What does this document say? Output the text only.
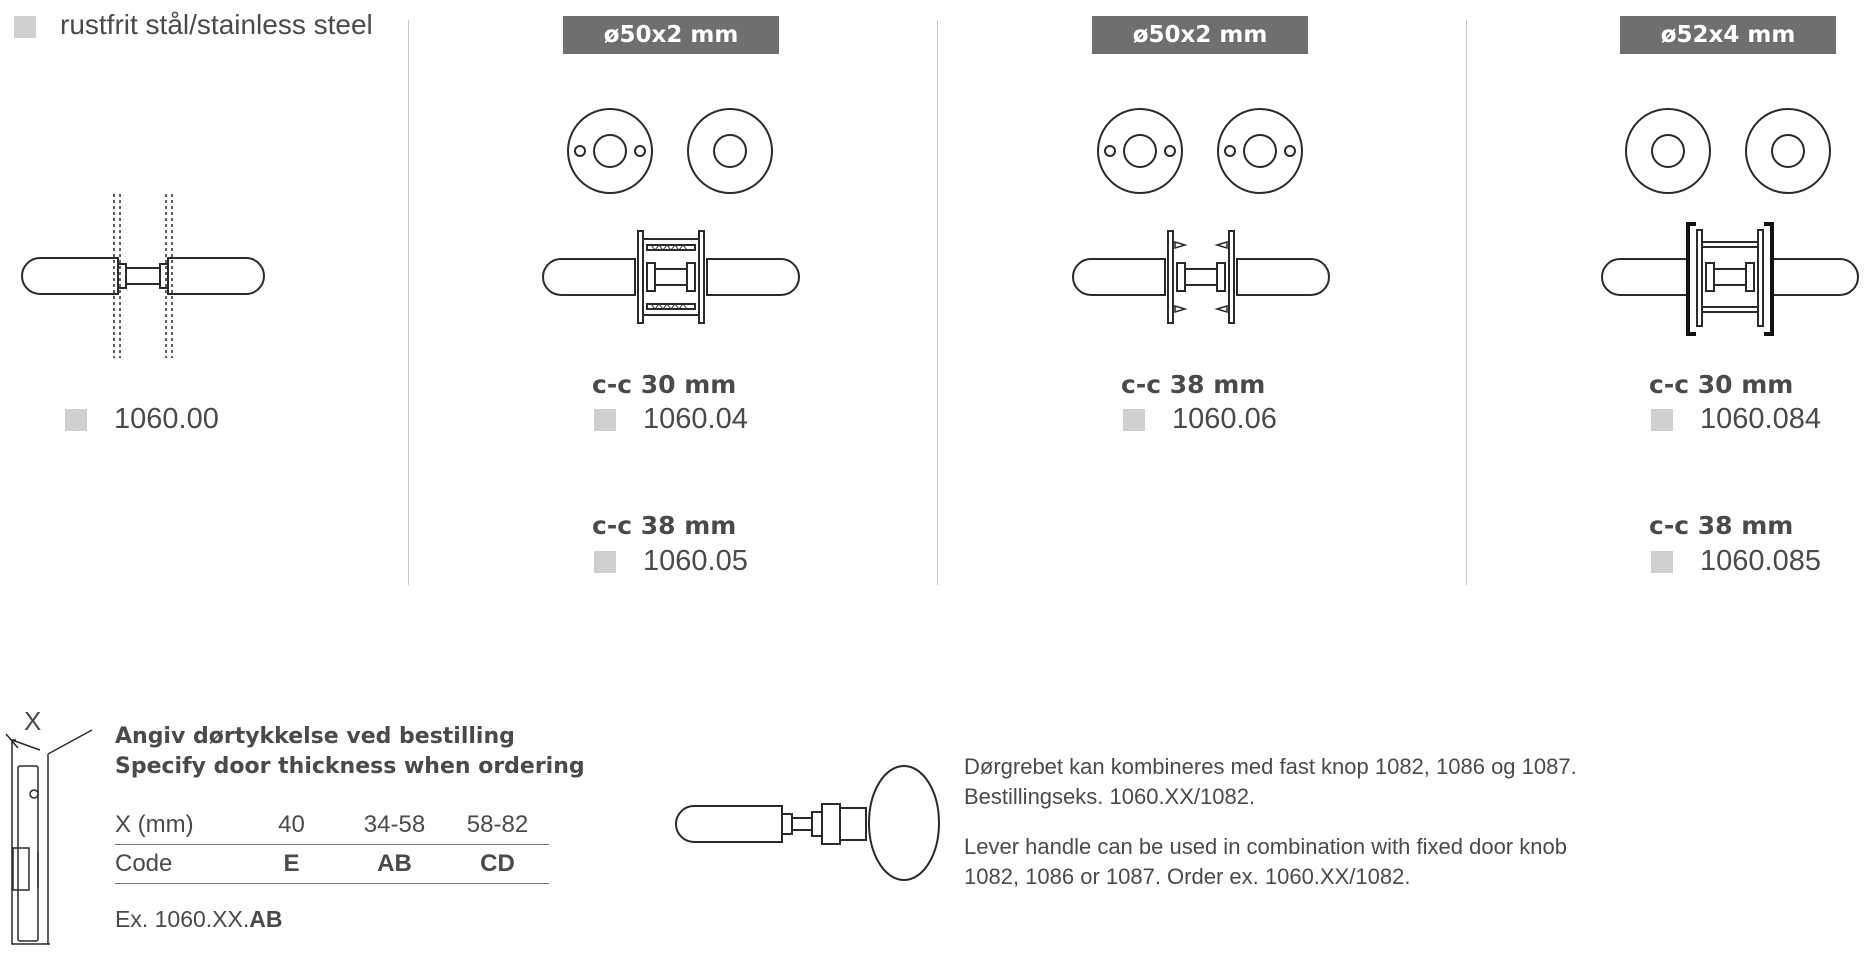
rustfrit stål/stainless steel
1060.00
ø50x2 mm
c-c 30 mm
1060.04
c-c 38 mm
1060.05
ø50x2 mm
c-c 38 mm
1060.06
ø52x4 mm
c-c 30 mm
1060.084
c-c 38 mm
1060.085
X
Angiv dørtykkelse ved bestilling
Specify door thickness when ordering
X (mm)	40	34-58	58-82
Code	E	AB	CD
Ex. 1060.XX.AB
Dørgrebet kan kombineres med fast knop 1082, 1086 og 1087. Bestillingseks. 1060.XX/1082.
Lever handle can be used in combination with fixed door knob 1082, 1086 or 1087. Order ex. 1060.XX/1082.
